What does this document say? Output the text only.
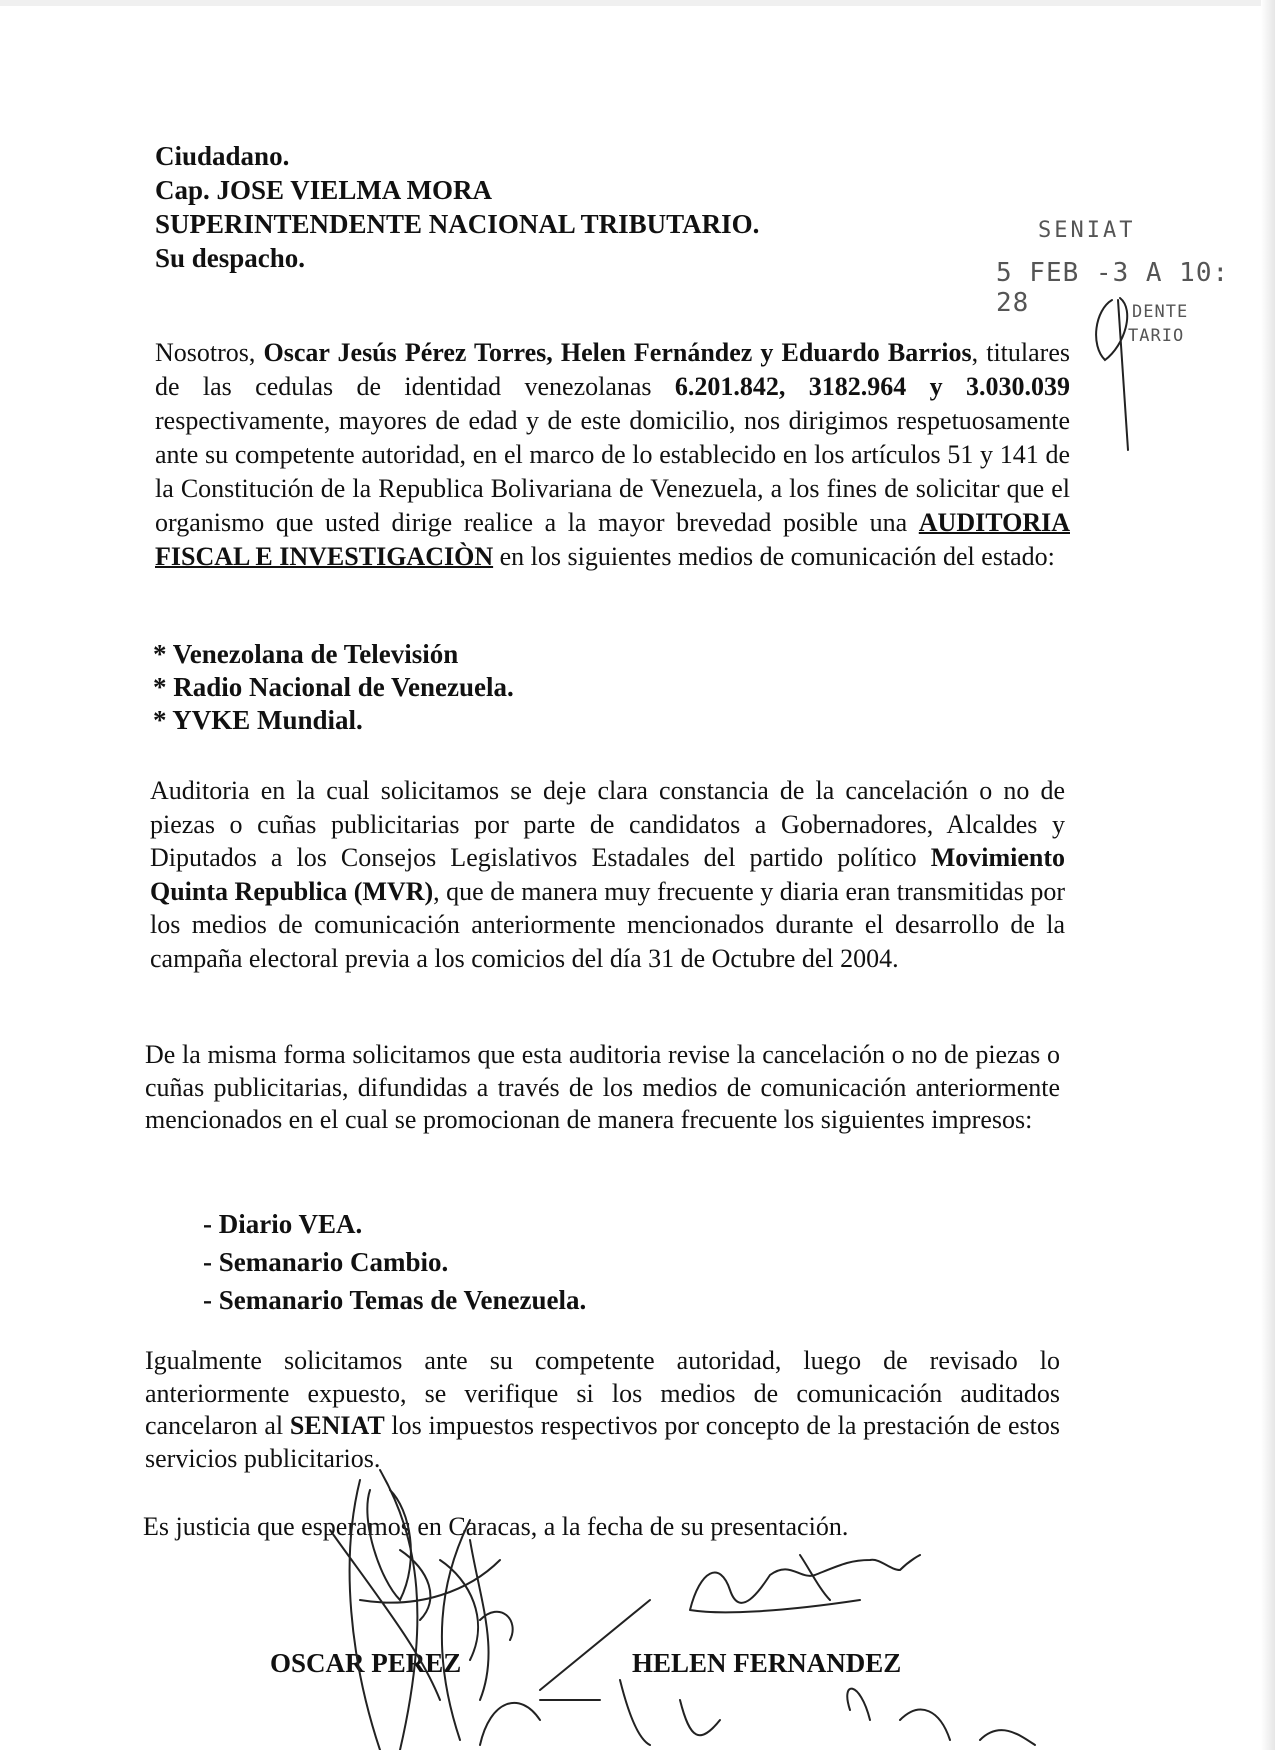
Ciudadano.
Cap. JOSE VIELMA MORA
SUPERINTENDENTE NACIONAL TRIBUTARIO.
Su despacho.
SENIAT
5 FEB -3 A 10: 28	DENTE
TARIO

Nosotros, Oscar Jesús Pérez Torres, Helen Fernández y Eduardo Barrios, titulares de las cedulas de identidad venezolanas 6.201.842, 3182.964 y 3.030.039 respectivamente, mayores de edad y de este domicilio, nos dirigimos respetuosamente ante su competente autoridad, en el marco de lo establecido en los artículos 51 y 141 de la Constitución de la Republica Bolivariana de Venezuela, a los fines de solicitar que el organismo que usted dirige realice a la mayor brevedad posible una AUDITORIA FISCAL E INVESTIGACIÒN en los siguientes medios de comunicación del estado:

* Venezolana de Televisión
* Radio Nacional de Venezuela.
* YVKE Mundial.

Auditoria en la cual solicitamos se deje clara constancia de la cancelación o no de piezas o cuñas publicitarias por parte de candidatos a Gobernadores, Alcaldes y Diputados a los Consejos Legislativos Estadales del partido político Movimiento Quinta Republica (MVR), que de manera muy frecuente y diaria eran transmitidas por los medios de comunicación anteriormente mencionados durante el desarrollo de la campaña electoral previa a los comicios del día 31 de Octubre del 2004.

De la misma forma solicitamos que esta auditoria revise la cancelación o no de piezas o cuñas publicitarias, difundidas a través de los medios de comunicación anteriormente mencionados en el cual se promocionan de manera frecuente los siguientes impresos:

- Diario VEA.
- Semanario Cambio.
- Semanario Temas de Venezuela.

Igualmente solicitamos ante su competente autoridad, luego de revisado lo anteriormente expuesto, se verifique si los medios de comunicación auditados cancelaron al SENIAT los impuestos respectivos por concepto de la prestación de estos servicios publicitarios.

Es justicia que esperamos en Caracas, a la fecha de su presentación.

OSCAR PEREZ	HELEN FERNANDEZ
